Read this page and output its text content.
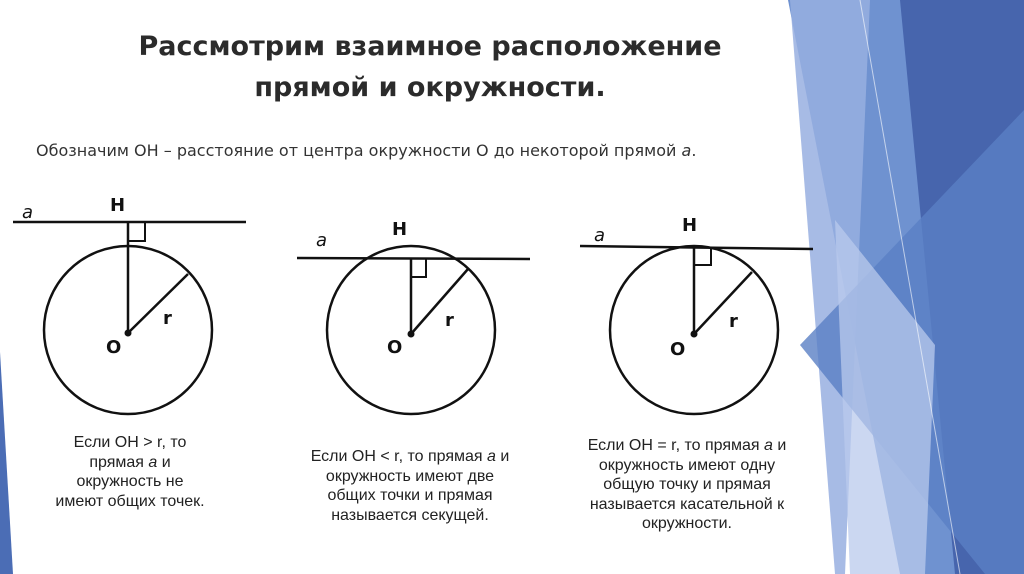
Рассмотрим взаимное расположение
прямой и окружности.

Обозначим ОН – расстояние от центра окружности О до некоторой прямой а.

а	H
r
О
а
H
r
О
а	H
r
О

Если ОН > r, то
прямая а и
окружность не
имеют общих точек.

Если ОН < r, то прямая а и
окружность имеют две
общих точки и прямая
называется секущей.

Если ОН = r, то прямая а и
окружность имеют одну
общую точку и прямая
называется касательной к
окружности.
